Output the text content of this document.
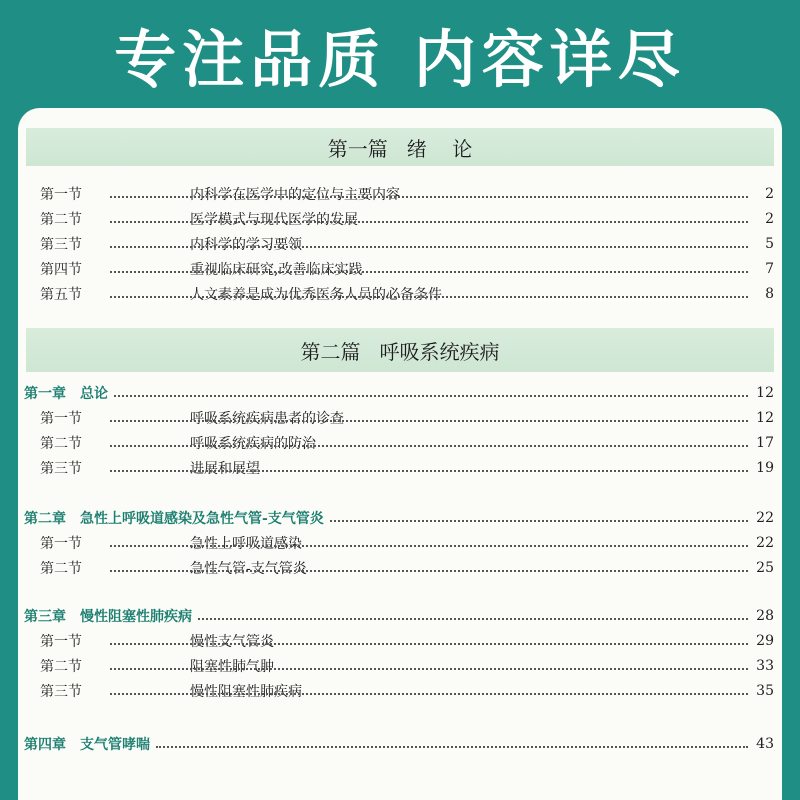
专注品质 内容详尽
第一篇   绪    论
第二篇   呼吸系统疾病
第一节	内科学在医学中的定位与主要内容	2
第二节	医学模式与现代医学的发展	2
第三节	内科学的学习要领	5
第四节	重视临床研究,改善临床实践	7
第五节	人文素养是成为优秀医务人员的必备条件	8
第一章 总论	12
第一节	呼吸系统疾病患者的诊查	12
第二节	呼吸系统疾病的防治	17
第三节	进展和展望	19
第二章 急性上呼吸道感染及急性气管-支气管炎	22
第一节	急性上呼吸道感染	22
第二节	急性气管-支气管炎	25
第三章 慢性阻塞性肺疾病	28
第一节	慢性支气管炎	29
第二节	阻塞性肺气肿	33
第三节	慢性阻塞性肺疾病	35
第四章 支气管哮喘	43
